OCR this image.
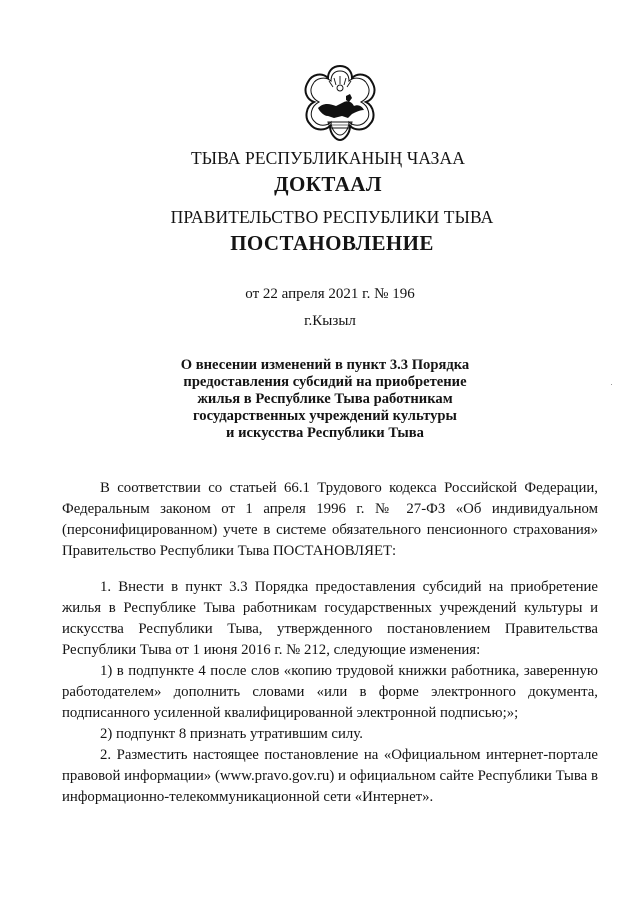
ТЫВА РЕСПУБЛИКАНЫҢ ЧАЗАА
ДОКТААЛ
ПРАВИТЕЛЬСТВО РЕСПУБЛИКИ ТЫВА
ПОСТАНОВЛЕНИЕ
от 22 апреля 2021 г. № 196
г.Кызыл
О внесении изменений в пункт 3.3 Порядка
предоставления субсидий на приобретение
жилья в Республике Тыва работникам
государственных учреждений культуры
и искусства Республики Тыва

В соответствии со статьей 66.1 Трудового кодекса Российской Федерации, Федеральным законом от 1 апреля 1996 г. № 27-ФЗ «Об индивидуальном (персонифицированном) учете в системе обязательного пенсионного страхования» Правительство Республики Тыва ПОСТАНОВЛЯЕТ:

1. Внести в пункт 3.3 Порядка предоставления субсидий на приобретение жилья в Республике Тыва работникам государственных учреждений культуры и искусства Республики Тыва, утвержденного постановлением Правительства Республики Тыва от 1 июня 2016 г. № 212, следующие изменения:

1) в подпункте 4 после слов «копию трудовой книжки работника, заверенную работодателем» дополнить словами «или в форме электронного документа, подписанного усиленной квалифицированной электронной подписью;»;

2) подпункт 8 признать утратившим силу.

2. Разместить настоящее постановление на «Официальном интернет-портале правовой информации» (www.pravo.gov.ru) и официальном сайте Республики Тыва в информационно-телекоммуникационной сети «Интернет».
